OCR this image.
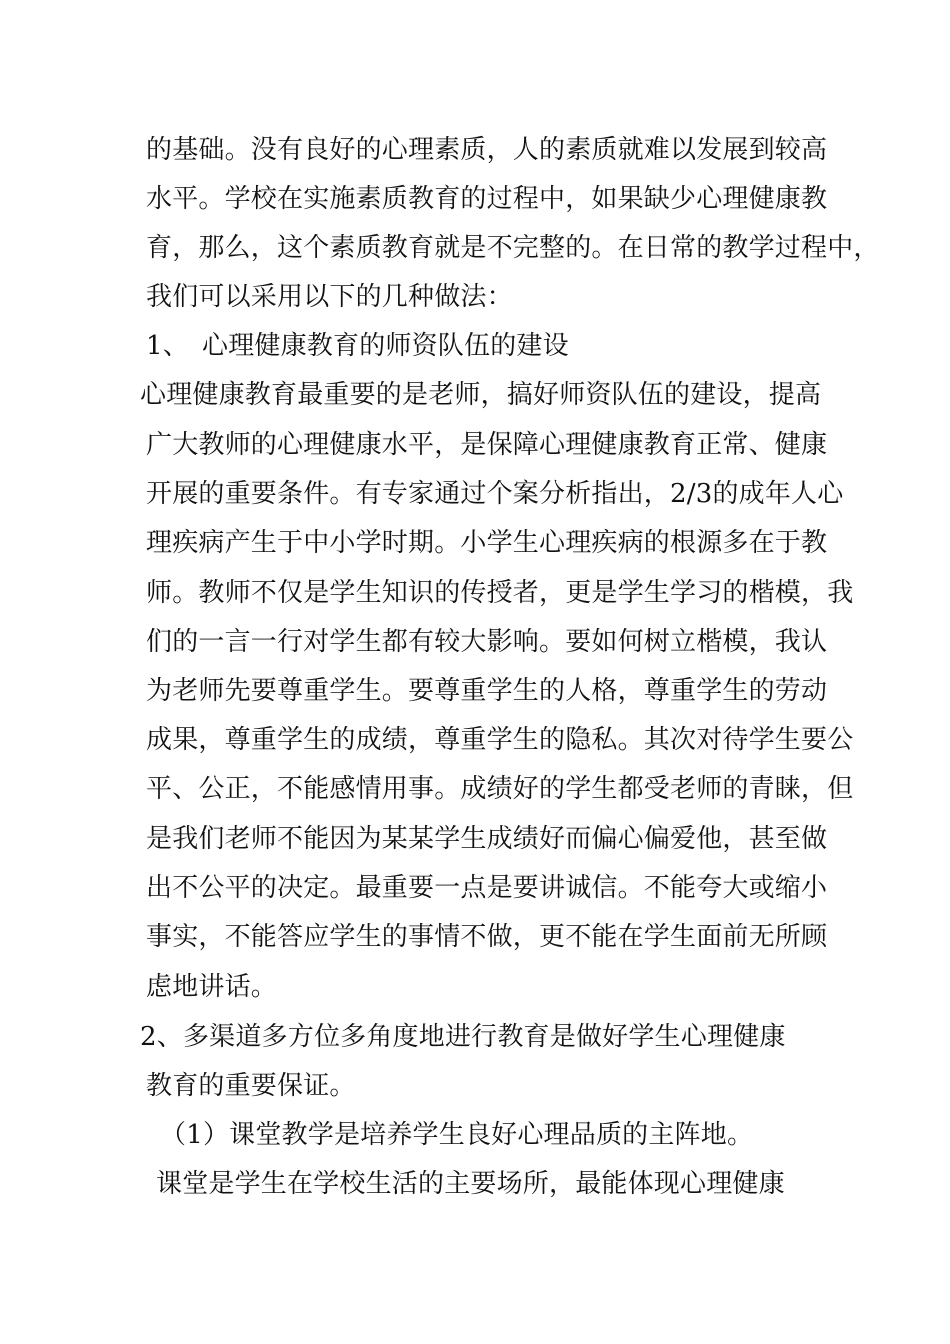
的基础。没有良好的心理素质，人的素质就难以发展到较高
水平。学校在实施素质教育的过程中，如果缺少心理健康教
育，那么，这个素质教育就是不完整的。在日常的教学过程中，
我们可以采用以下的几种做法：
1、 心理健康教育的师资队伍的建设
心理健康教育最重要的是老师，搞好师资队伍的建设，提高
广大教师的心理健康水平，是保障心理健康教育正常、健康
开展的重要条件。有专家通过个案分析指出，2/3的成年人心
理疾病产生于中小学时期。小学生心理疾病的根源多在于教
师。教师不仅是学生知识的传授者，更是学生学习的楷模，我
们的一言一行对学生都有较大影响。要如何树立楷模，我认
为老师先要尊重学生。要尊重学生的人格，尊重学生的劳动
成果，尊重学生的成绩，尊重学生的隐私。其次对待学生要公
平、公正，不能感情用事。成绩好的学生都受老师的青睐，但
是我们老师不能因为某某学生成绩好而偏心偏爱他，甚至做
出不公平的决定。最重要一点是要讲诚信。不能夸大或缩小
事实，不能答应学生的事情不做，更不能在学生面前无所顾
虑地讲话。
2、多渠道多方位多角度地进行教育是做好学生心理健康
教育的重要保证。
（1）课堂教学是培养学生良好心理品质的主阵地。
课堂是学生在学校生活的主要场所，最能体现心理健康
